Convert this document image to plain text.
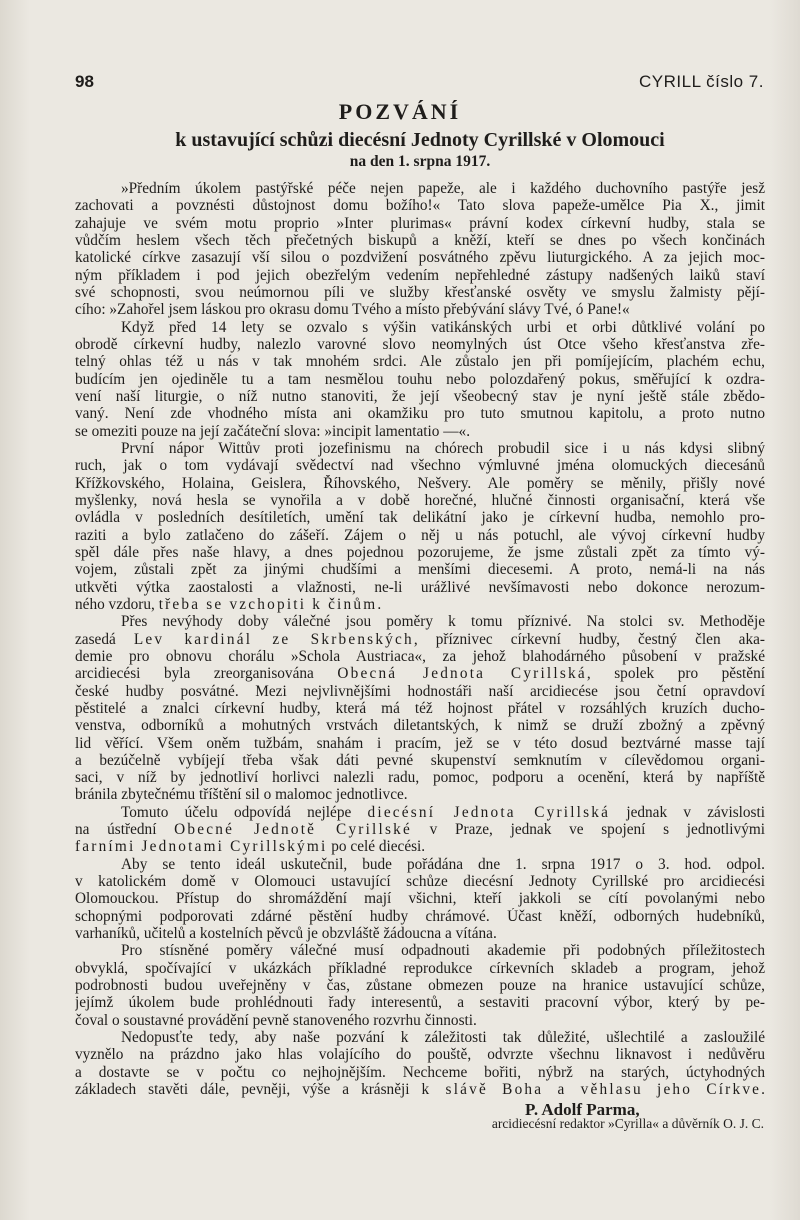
98	CYRILL číslo 7.
POZVÁNÍ
k ustavující schůzi diecésní Jednoty Cyrillské v Olomouci
na den 1. srpna 1917.
»Předním úkolem pastýřské péče nejen papeže, ale i každého duchovního pastýře jesž
zachovati a povznésti důstojnost domu božího!« Tato slova papeže-umělce Pia X., jimit
zahajuje ve svém motu proprio »Inter plurimas« právní kodex církevní hudby, stala se
vůdčím heslem všech těch přečetných biskupů a kněží, kteří se dnes po všech končinách
katolické církve zasazují vší silou o pozdvižení posvátného zpěvu liuturgického. A za jejich moc-
ným příkladem i pod jejich obezřelým vedením nepřehledné zástupy nadšených laiků staví
své schopnosti, svou neúmornou píli ve služby křesťanské osvěty ve smyslu žalmisty pějí-
cího: »Zahořel jsem láskou pro okrasu domu Tvého a místo přebývání slávy Tvé, ó Pane!«
Když před 14 lety se ozvalo s výšin vatikánských urbi et orbi důtklivé volání po
obrodě církevní hudby, nalezlo varovné slovo neomylných úst Otce všeho křesťanstva zře-
telný ohlas též u nás v tak mnohém srdci. Ale zůstalo jen při pomíjejícím, plachém echu,
budícím jen ojediněle tu a tam nesmělou touhu nebo polozdařený pokus, směřující k ozdra-
vení naší liturgie, o níž nutno stanoviti, že její všeobecný stav je nyní ještě stále zbědo-
vaný. Není zde vhodného místa ani okamžiku pro tuto smutnou kapitolu, a proto nutno
se omeziti pouze na její začáteční slova: »incipit lamentatio —«.
První nápor Wittův proti jozefinismu na chórech probudil sice i u nás kdysi slibný
ruch, jak o tom vydávají svědectví nad všechno výmluvné jména olomuckých diecesánů
Křížkovského, Holaina, Geislera, Říhovského, Nešvery. Ale poměry se měnily, přišly nové
myšlenky, nová hesla se vynořila a v době horečné, hlučné činnosti organisační, která vše
ovládla v posledních desítiletích, umění tak delikátní jako je církevní hudba, nemohlo pro-
raziti a bylo zatlačeno do zášeří. Zájem o něj u nás potuchl, ale vývoj církevní hudby
spěl dále přes naše hlavy, a dnes pojednou pozorujeme, že jsme zůstali zpět za tímto vý-
vojem, zůstali zpět za jinými chudšími a menšími diecesemi. A proto, nemá-li na nás
utkvěti výtka zaostalosti a vlažnosti, ne-li urážlivé nevšímavosti nebo dokonce nerozum-
ného vzdoru, třeba se vzchopiti k činům.
Přes nevýhody doby válečné jsou poměry k tomu příznivé. Na stolci sv. Methoděje
zasedá Lev kardinál ze Skrbenských, příznivec církevní hudby, čestný člen aka-
demie pro obnovu chorálu »Schola Austriaca«, za jehož blahodárného působení v pražské
arcidiecési byla zreorganisována Obecná Jednota Cyrillská, spolek pro pěstění
české hudby posvátné. Mezi nejvlivnějšími hodnostáři naší arcidiecése jsou četní opravdoví
pěstitelé a znalci církevní hudby, která má též hojnost přátel v rozsáhlých kruzích ducho-
venstva, odborníků a mohutných vrstvách diletantských, k nimž se druží zbožný a zpěvný
lid věřící. Všem oněm tužbám, snahám i pracím, jež se v této dosud beztvárné masse tají
a bezúčelně vybíjejí třeba však dáti pevné skupenství semknutím v cílevědomou organi-
saci, v níž by jednotliví horlivci nalezli radu, pomoc, podporu a ocenění, která by napříště
bránila zbytečnému tříštění sil o malomoc jednotlivce.
Tomuto účelu odpovídá nejlépe diecésní Jednota Cyrillská jednak v závislosti
na ústřední Obecné Jednotě Cyrillské v Praze, jednak ve spojení s jednotlivými
farními Jednotami Cyrillskými po celé diecési.
Aby se tento ideál uskutečnil, bude pořádána dne 1. srpna 1917 o 3. hod. odpol.
v katolickém domě v Olomouci ustavující schůze diecésní Jednoty Cyrillské pro arcidiecési
Olomouckou. Přístup do shromáždění mají všichni, kteří jakkoli se cítí povolanými nebo
schopnými podporovati zdárné pěstění hudby chrámové. Účast kněží, odborných hudebníků,
varhaníků, učitelů a kostelních pěvců je obzvláště žádoucna a vítána.
Pro stísněné poměry válečné musí odpadnouti akademie při podobných příležitostech
obvyklá, spočívající v ukázkách příkladné reprodukce církevních skladeb a program, jehož
podrobnosti budou uveřejněny v čas, zůstane obmezen pouze na hranice ustavující schůze,
jejímž úkolem bude prohlédnouti řady interesentů, a sestaviti pracovní výbor, který by pe-
čoval o soustavné provádění pevně stanoveného rozvrhu činnosti.
Nedopusťte tedy, aby naše pozvání k záležitosti tak důležité, ušlechtilé a zasloužilé
vyznělo na prázdno jako hlas volajícího do pouště, odvrzte všechnu liknavost i nedůvěru
a dostavte se v počtu co nejhojnějším. Nechceme bořiti, nýbrž na starých, úctyhodných
základech stavěti dále, pevněji, výše a krásněji k slávě Boha a věhlasu jeho Církve.
P. Adolf Parma,
arcidiecésní redaktor »Cyrilla« a důvěrník O. J. C.
